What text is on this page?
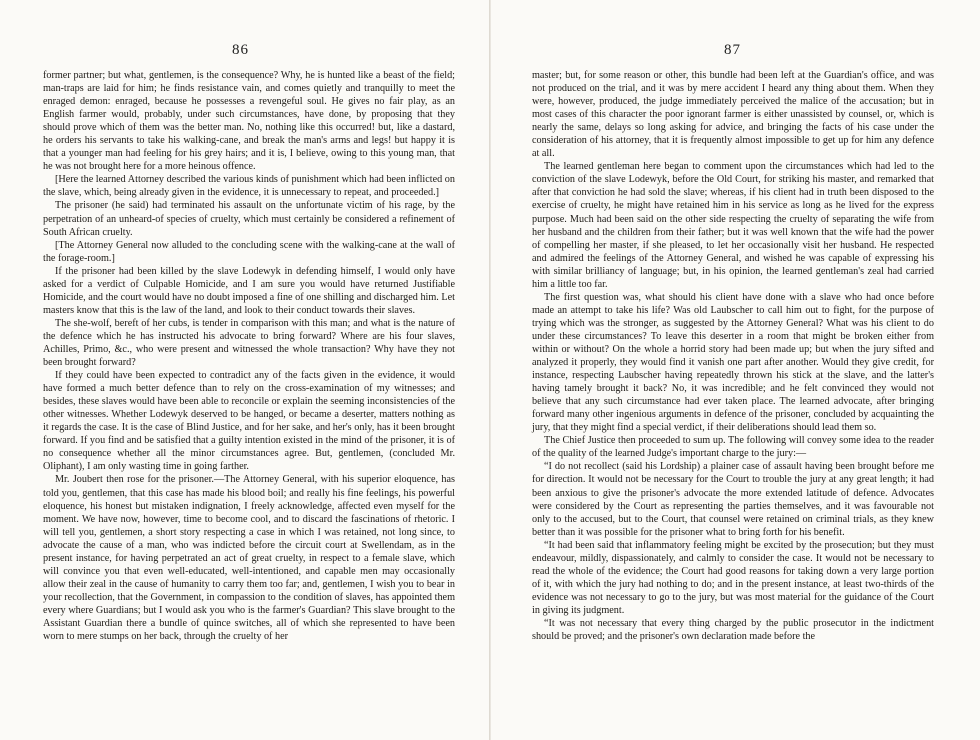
86

former partner; but what, gentlemen, is the consequence? Why, he is hunted like a beast of the field; man-traps are laid for him; he finds resistance vain, and comes quietly and tranquilly to meet the enraged demon: enraged, because he possesses a revengeful soul. He gives no fair play, as an English farmer would, probably, under such circumstances, have done, by proposing that they should prove which of them was the better man. No, nothing like this occurred! but, like a dastard, he orders his servants to take his walking-cane, and break the man's arms and legs! but happy it is that a younger man had feeling for his grey hairs; and it is, I believe, owing to this young man, that he was not brought here for a more heinous offence.

[Here the learned Attorney described the various kinds of punishment which had been inflicted on the slave, which, being already given in the evidence, it is unnecessary to repeat, and proceeded.]

The prisoner (he said) had terminated his assault on the unfortunate victim of his rage, by the perpetration of an unheard-of species of cruelty, which must certainly be considered a refinement of South African cruelty.

[The Attorney General now alluded to the concluding scene with the walking-cane at the wall of the forage-room.]

If the prisoner had been killed by the slave Lodewyk in defending himself, I would only have asked for a verdict of Culpable Homicide, and I am sure you would have returned Justifiable Homicide, and the court would have no doubt imposed a fine of one shilling and discharged him. Let masters know that this is the law of the land, and look to their conduct towards their slaves.

The she-wolf, bereft of her cubs, is tender in comparison with this man; and what is the nature of the defence which he has instructed his advocate to bring forward? Where are his four slaves, Achilles, Primo, &c., who were present and witnessed the whole transaction? Why have they not been brought forward?

If they could have been expected to contradict any of the facts given in the evidence, it would have formed a much better defence than to rely on the cross-examination of my witnesses; and besides, these slaves would have been able to reconcile or explain the seeming inconsistencies of the other witnesses. Whether Lodewyk deserved to be hanged, or became a deserter, matters nothing as it regards the case. It is the case of Blind Justice, and for her sake, and her's only, has it been brought forward. If you find and be satisfied that a guilty intention existed in the mind of the prisoner, it is of no consequence whether all the minor circumstances agree. But, gentlemen, (concluded Mr. Oliphant), I am only wasting time in going farther.

Mr. Joubert then rose for the prisoner.—The Attorney General, with his superior eloquence, has told you, gentlemen, that this case has made his blood boil; and really his fine feelings, his powerful eloquence, his honest but mistaken indignation, I freely acknowledge, affected even myself for the moment. We have now, however, time to become cool, and to discard the fascinations of rhetoric. I will tell you, gentlemen, a short story respecting a case in which I was retained, not long since, to advocate the cause of a man, who was indicted before the circuit court at Swellendam, as in the present instance, for having perpetrated an act of great cruelty, in respect to a female slave, which will convince you that even well-educated, well-intentioned, and capable men may occasionally allow their zeal in the cause of humanity to carry them too far; and, gentlemen, I wish you to bear in your recollection, that the Government, in compassion to the condition of slaves, has appointed them every where Guardians; but I would ask you who is the farmer's Guardian? This slave brought to the Assistant Guardian there a bundle of quince switches, all of which she represented to have been worn to mere stumps on her back, through the cruelty of her

87

master; but, for some reason or other, this bundle had been left at the Guardian's office, and was not produced on the trial, and it was by mere accident I heard any thing about them. When they were, however, produced, the judge immediately perceived the malice of the accusation; but in most cases of this character the poor ignorant farmer is either unassisted by counsel, or, which is nearly the same, delays so long asking for advice, and bringing the facts of his case under the consideration of his attorney, that it is frequently almost impossible to get up for him any defence at all.

The learned gentleman here began to comment upon the circumstances which had led to the conviction of the slave Lodewyk, before the Old Court, for striking his master, and remarked that after that conviction he had sold the slave; whereas, if his client had in truth been disposed to the exercise of cruelty, he might have retained him in his service as long as he lived for the express purpose. Much had been said on the other side respecting the cruelty of separating the wife from her husband and the children from their father; but it was well known that the wife had the power of compelling her master, if she pleased, to let her occasionally visit her husband. He respected and admired the feelings of the Attorney General, and wished he was capable of expressing his with similar brilliancy of language; but, in his opinion, the learned gentleman's zeal had carried him a little too far.

The first question was, what should his client have done with a slave who had once before made an attempt to take his life? Was old Laubscher to call him out to fight, for the purpose of trying which was the stronger, as suggested by the Attorney General? What was his client to do under these circumstances? To leave this deserter in a room that might be broken either from within or without? On the whole a horrid story had been made up; but when the jury sifted and analyzed it properly, they would find it vanish one part after another. Would they give credit, for instance, respecting Laubscher having repeatedly thrown his stick at the slave, and the latter's having tamely brought it back? No, it was incredible; and he felt convinced they would not believe that any such circumstance had ever taken place. The learned advocate, after bringing forward many other ingenious arguments in defence of the prisoner, concluded by acquainting the jury, that they might find a special verdict, if their deliberations should lead them so.

The Chief Justice then proceeded to sum up. The following will convey some idea to the reader of the quality of the learned Judge's important charge to the jury:—

“I do not recollect (said his Lordship) a plainer case of assault having been brought before me for direction. It would not be necessary for the Court to trouble the jury at any great length; it had been anxious to give the prisoner's advocate the more extended latitude of defence. Advocates were considered by the Court as representing the parties themselves, and it was favourable not only to the accused, but to the Court, that counsel were retained on criminal trials, as they knew better than it was possible for the prisoner what to bring forth for his benefit.

“It had been said that inflammatory feeling might be excited by the prosecution; but they must endeavour, mildly, dispassionately, and calmly to consider the case. It would not be necessary to read the whole of the evidence; the Court had good reasons for taking down a very large portion of it, with which the jury had nothing to do; and in the present instance, at least two-thirds of the evidence was not necessary to go to the jury, but was most material for the guidance of the Court in giving its judgment.

“It was not necessary that every thing charged by the public prosecutor in the indictment should be proved; and the prisoner's own declaration made before the
